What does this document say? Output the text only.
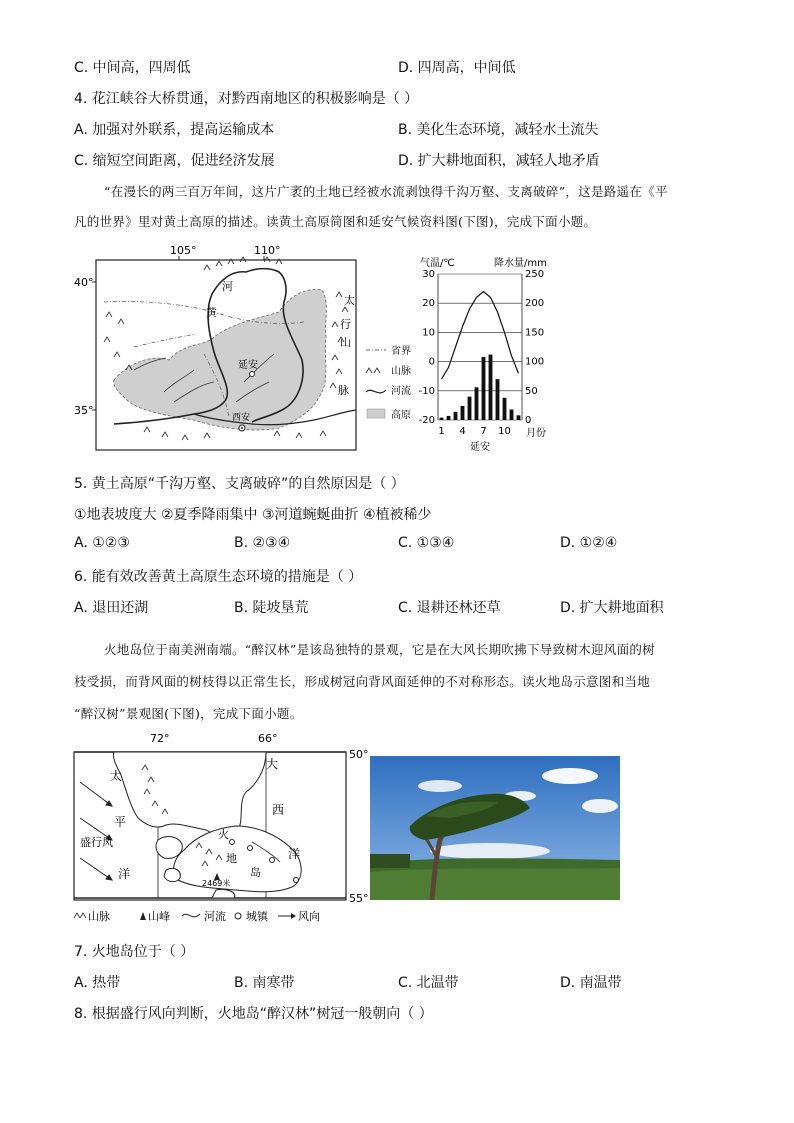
C. 中间高，四周低	D. 四周高，中间低
4. 花江峡谷大桥贯通，对黔西南地区的积极影响是（ ）
A. 加强对外联系，提高运输成本	B. 美化生态环境，减轻水土流失
C. 缩短空间距离，促进经济发展	D. 扩大耕地面积，减轻人地矛盾
“在漫长的两三百万年间，这片广袤的土地已经被水流剥蚀得千沟万壑、支离破碎”，这是路遥在《平
凡的世界》里对黄土高原的描述。读黄土高原简图和延安气候资料图(下图)，完成下面小题。
105°	110°
40°
35°
河
黄
延安
西安
太
行
山
脉
省界
山脉
河流
高原
气温/℃	降水量/mm
30
20
10
0
-10
-20
250
200
150
100
50
0
1 4 7 10 月份
延安
5. 黄土高原“千沟万壑、支离破碎”的自然原因是（ ）
①地表坡度大 ②夏季降雨集中 ③河道蜿蜒曲折 ④植被稀少
A. ①②③	B. ②③④	C. ①③④	D. ①②④
6. 能有效改善黄土高原生态环境的措施是（ ）
A. 退田还湖	B. 陡坡垦荒	C. 退耕还林还草	D. 扩大耕地面积
火地岛位于南美洲南端。“醉汉林”是该岛独特的景观，它是在大风长期吹拂下导致树木迎风面的树
枝受损，而背风面的树枝得以正常生长，形成树冠向背风面延伸的不对称形态。读火地岛示意图和当地
“醉汉树”景观图(下图)，完成下面小题。
72°	66°
50°
55°
太
平
盛行风
洋
大
西
洋
火
地
岛
2469米
山脉	山峰	河流 城镇	风向
7. 火地岛位于（ ）
A. 热带	B. 南寒带	C. 北温带	D. 南温带
8. 根据盛行风向判断，火地岛“醉汉林”树冠一般朝向（ ）
